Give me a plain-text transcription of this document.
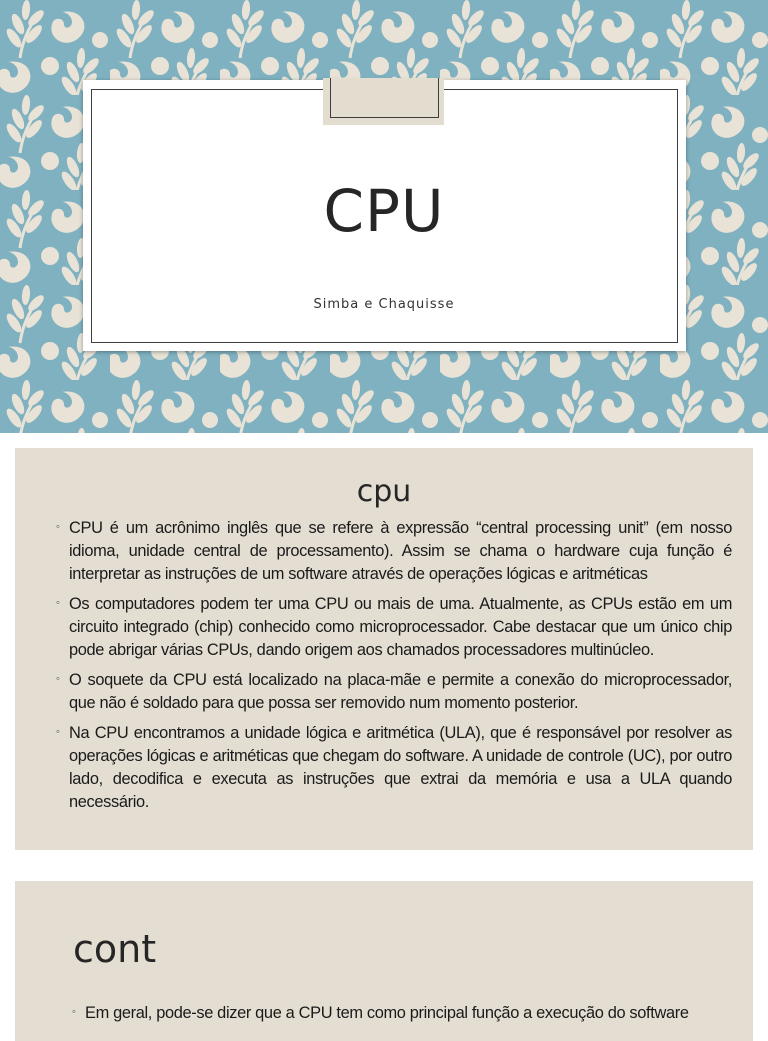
CPU
Simba e Chaquisse
cpu
◦ CPU é um acrônimo inglês que se refere à expressão “central processing unit” (em nosso idioma, unidade central de processamento). Assim se chama o hardware cuja função é interpretar as instruções de um software através de operações lógicas e aritméticas
◦ Os computadores podem ter uma CPU ou mais de uma. Atualmente, as CPUs estão em um circuito integrado (chip) conhecido como microprocessador. Cabe destacar que um único chip pode abrigar várias CPUs, dando origem aos chamados processadores multinúcleo.
◦ O soquete da CPU está localizado na placa-mãe e permite a conexão do microprocessador, que não é soldado para que possa ser removido num momento posterior.
◦ Na CPU encontramos a unidade lógica e aritmética (ULA), que é responsável por resolver as operações lógicas e aritméticas que chegam do software. A unidade de controle (UC), por outro lado, decodifica e executa as instruções que extrai da memória e usa a ULA quando necessário.
cont
◦ Em geral, pode-se dizer que a CPU tem como principal função a execução do software
